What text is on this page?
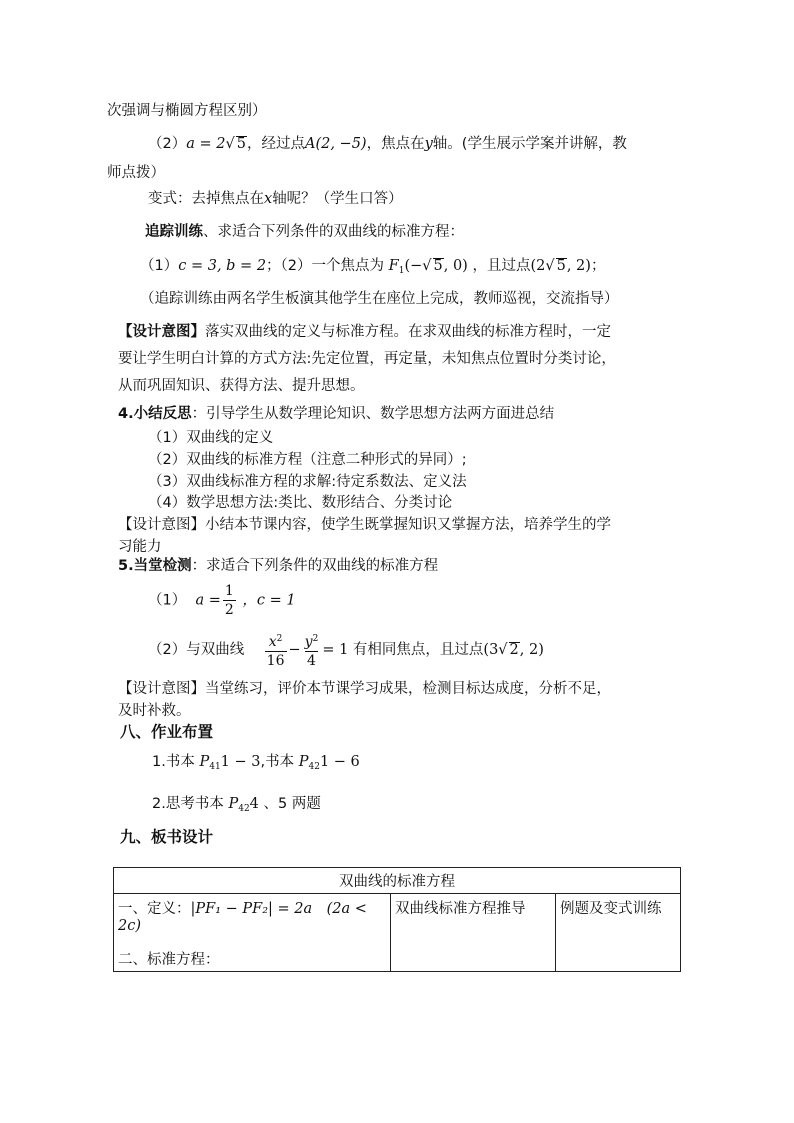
次强调与椭圆方程区别）
（2）a = 2√ 5，经过点A(2, −5)，焦点在y轴。(学生展示学案并讲解，教
师点拨）
变式：去掉焦点在x轴呢？（学生口答）
追踪训练、求适合下列条件的双曲线的标准方程：
（1）c = 3, b = 2；（2）一个焦点为 $F_1(-√$ 5, 0) ，且过点(2√ 5, 2)；
（追踪训练由两名学生板演其他学生在座位上完成，教师巡视，交流指导）
【设计意图】落实双曲线的定义与标准方程。在求双曲线的标准方程时，一定
要让学生明白计算的方式方法:先定位置，再定量，未知焦点位置时分类讨论，
从而巩固知识、获得方法、提升思想。
4.小结反思：引导学生从数学理论知识、数学思想方法两方面进总结
（1）双曲线的定义
（2）双曲线的标准方程（注意二种形式的异同）;
（3）双曲线标准方程的求解:待定系数法、定义法
（4）数学思想方法:类比、数形结合、分类讨论
【设计意图】小结本节课内容，使学生既掌握知识又掌握方法，培养学生的学
习能力
5.当堂检测：求适合下列条件的双曲线的标准方程
（1） $a = \frac{1}{2}$ ，c = 1
（2）与双曲线 $\frac{x^2}{16} - \frac{y^2}{4} = 1$ 有相同焦点，且过点(3√ 2, 2)
【设计意图】当堂练习，评价本节课学习成果，检测目标达成度，分析不足，
及时补救。
八、作业布置
1.书本 $P_{41}1 - 3$,书本 $P_{42}1 - 6$
2.思考书本 $P_{42}4$ 、5 两题
九、板书设计
双曲线的标准方程

一、定义：|PF₁ − PF₂| = 2a　(2a < 2c)
二、标准方程：
	双曲线标准方程推导	例题及变式训练
